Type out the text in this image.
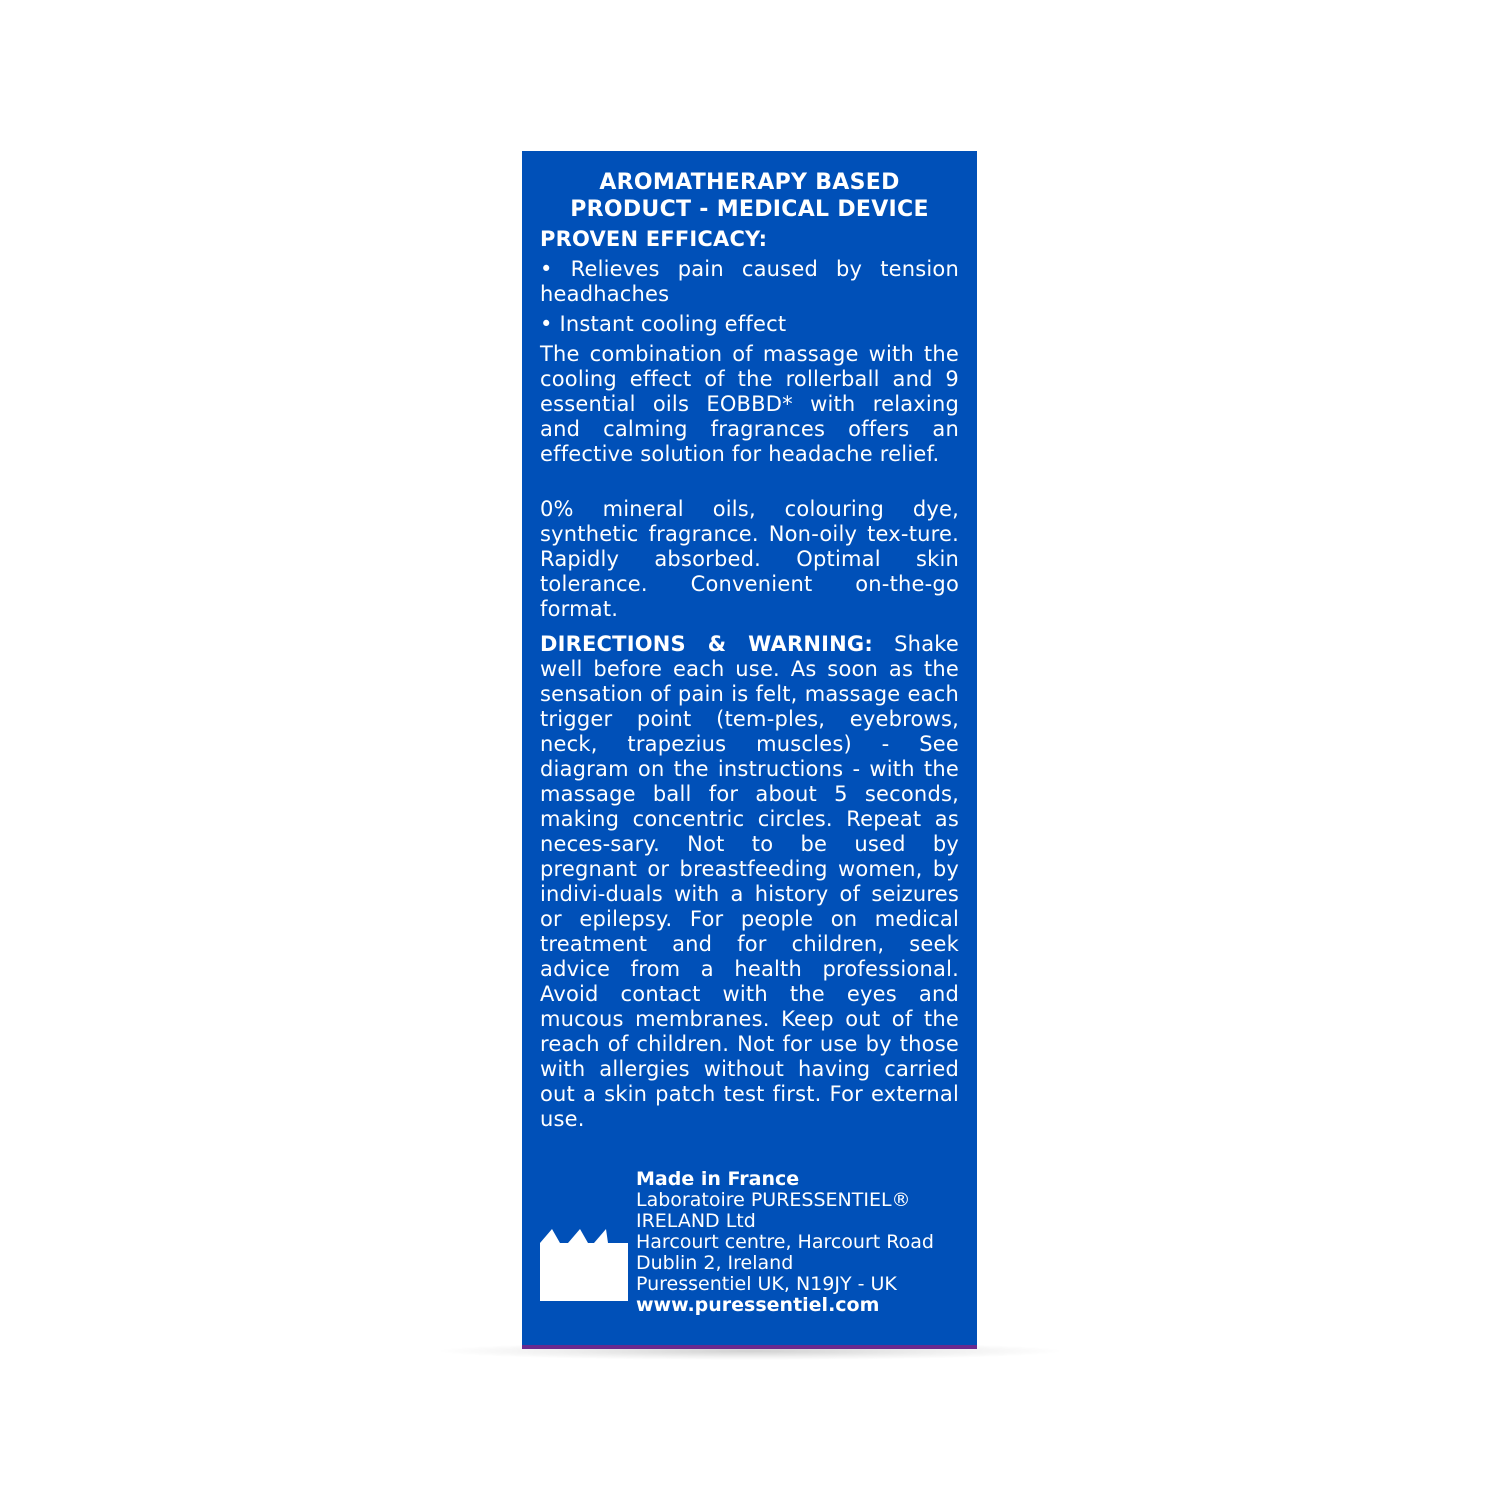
AROMATHERAPY BASED
PRODUCT - MEDICAL DEVICE
PROVEN EFFICACY:
• Relieves pain caused by tension headhaches
• Instant cooling effect
The combination of massage with the cooling effect of the rollerball and 9 essential oils EOBBD* with relaxing and calming fragrances offers an effective solution for headache relief.
0% mineral oils, colouring dye, synthetic fragrance. Non-oily tex-ture. Rapidly absorbed. Optimal skin tolerance. Convenient on-the-go format.
DIRECTIONS & WARNING: Shake well before each use. As soon as the sensation of pain is felt, massage each trigger point (tem-ples, eyebrows, neck, trapezius muscles) - See diagram on the instructions - with the massage ball for about 5 seconds, making concentric circles. Repeat as neces-sary. Not to be used by pregnant or breastfeeding women, by indivi-duals with a history of seizures or epilepsy. For people on medical treatment and for children, seek advice from a health professional. Avoid contact with the eyes and mucous membranes. Keep out of the reach of children. Not for use by those with allergies without having carried out a skin patch test first. For external use.
Made in France
Laboratoire PURESSENTIEL®
IRELAND Ltd
Harcourt centre, Harcourt Road
Dublin 2, Ireland
Puressentiel UK, N19JY - UK
www.puressentiel.com
